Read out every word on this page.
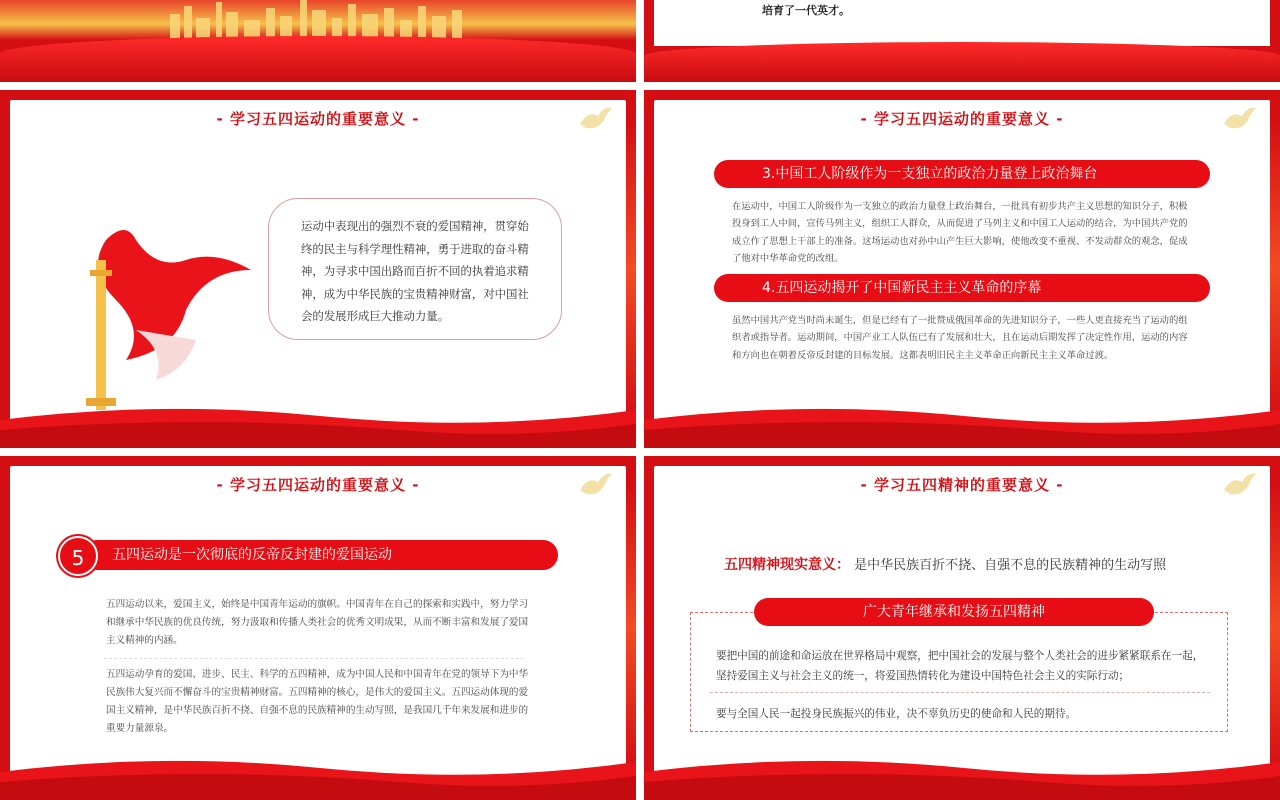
培育了一代英才。
- 学习五四运动的重要意义 -
运动中表现出的强烈不衰的爱国精神，贯穿始终的民主与科学理性精神，勇于进取的奋斗精神，为寻求中国出路而百折不回的执着追求精神，成为中华民族的宝贵精神财富，对中国社会的发展形成巨大推动力量。
- 学习五四运动的重要意义 -
3.中国工人阶级作为一支独立的政治力量登上政治舞台
在运动中，中国工人阶级作为一支独立的政治力量登上政治舞台，一批具有初步共产主义思想的知识分子，积极投身到工人中间，宣传马列主义，组织工人群众，从而促进了马列主义和中国工人运动的结合，为中国共产党的成立作了思想上干部上的准备。这场运动也对孙中山产生巨大影响，使他改变不重视、不发动群众的观念，促成了他对中华革命党的改组。
4.五四运动揭开了中国新民主主义革命的序幕
虽然中国共产党当时尚未诞生，但是已经有了一批赞成俄国革命的先进知识分子，一些人更直接充当了运动的组织者或指导者。运动期间，中国产业工人队伍已有了发展和壮大，且在运动后期发挥了决定性作用，运动的内容和方向也在朝着反帝反封建的目标发展。这都表明旧民主主义革命正向新民主主义革命过渡。
- 学习五四运动的重要意义 -
5	五四运动是一次彻底的反帝反封建的爱国运动
五四运动以来，爱国主义，始终是中国青年运动的旗帜。中国青年在自己的探索和实践中，努力学习和继承中华民族的优良传统，努力汲取和传播人类社会的优秀文明成果，从而不断丰富和发展了爱国主义精神的内涵。
五四运动孕育的爱国、进步、民主、科学的五四精神，成为中国人民和中国青年在党的领导下为中华民族伟大复兴而不懈奋斗的宝贵精神财富。五四精神的核心，是伟大的爱国主义。五四运动体现的爱国主义精神，是中华民族百折不挠、自强不息的民族精神的生动写照，是我国几千年来发展和进步的重要力量源泉。
- 学习五四精神的重要意义 -
五四精神现实意义： 是中华民族百折不挠、自强不息的民族精神的生动写照
广大青年继承和发扬五四精神
要把中国的前途和命运放在世界格局中观察，把中国社会的发展与整个人类社会的进步紧紧联系在一起，坚持爱国主义与社会主义的统一，将爱国热情转化为建设中国特色社会主义的实际行动；
要与全国人民一起投身民族振兴的伟业，决不辜负历史的使命和人民的期待。
